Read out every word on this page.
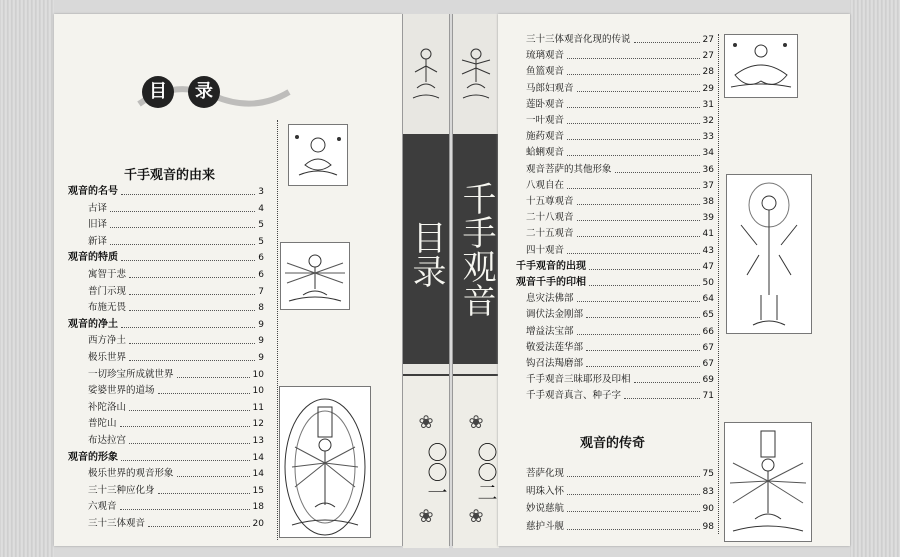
目	录
千手观音的由来
观音的名号	3
古译	4
旧译	5
新译	5
观音的特质	6
寓智于悲	6
普门示现	7
布施无畏	8
观音的净土	9
西方净土	9
极乐世界	9
一切珍宝所成就世界	10
娑婆世界的道场	10
补陀洛山	11
普陀山	12
布达拉宫	13
观音的形象	14
极乐世界的观音形象	14
三十三种应化身	15
六观音	18
三十三体观音	20
目录
❀
〇〇一
❀
千手观音
❀
〇〇二
❀
三十三体观音化现的传说	27
琉璃观音	27
鱼篮观音	28
马郎妇观音	29
莲卧观音	31
一叶观音	32
施药观音	33
蛤蜊观音	34
观音菩萨的其他形象	36
八观自在	37
十五尊观音	38
二十八观音	39
二十五观音	41
四十观音	43
千手观音的出现	47
观音千手的印相	50
息灾法佛部	64
调伏法金刚部	65
增益法宝部	66
敬爱法莲华部	67
钩召法羯磨部	67
千手观音三昧耶形及印相	69
千手观音真言、种子字	71
观音的传奇
菩萨化现	75
明珠入怀	83
妙说慈航	90
慈护斗舰	98
